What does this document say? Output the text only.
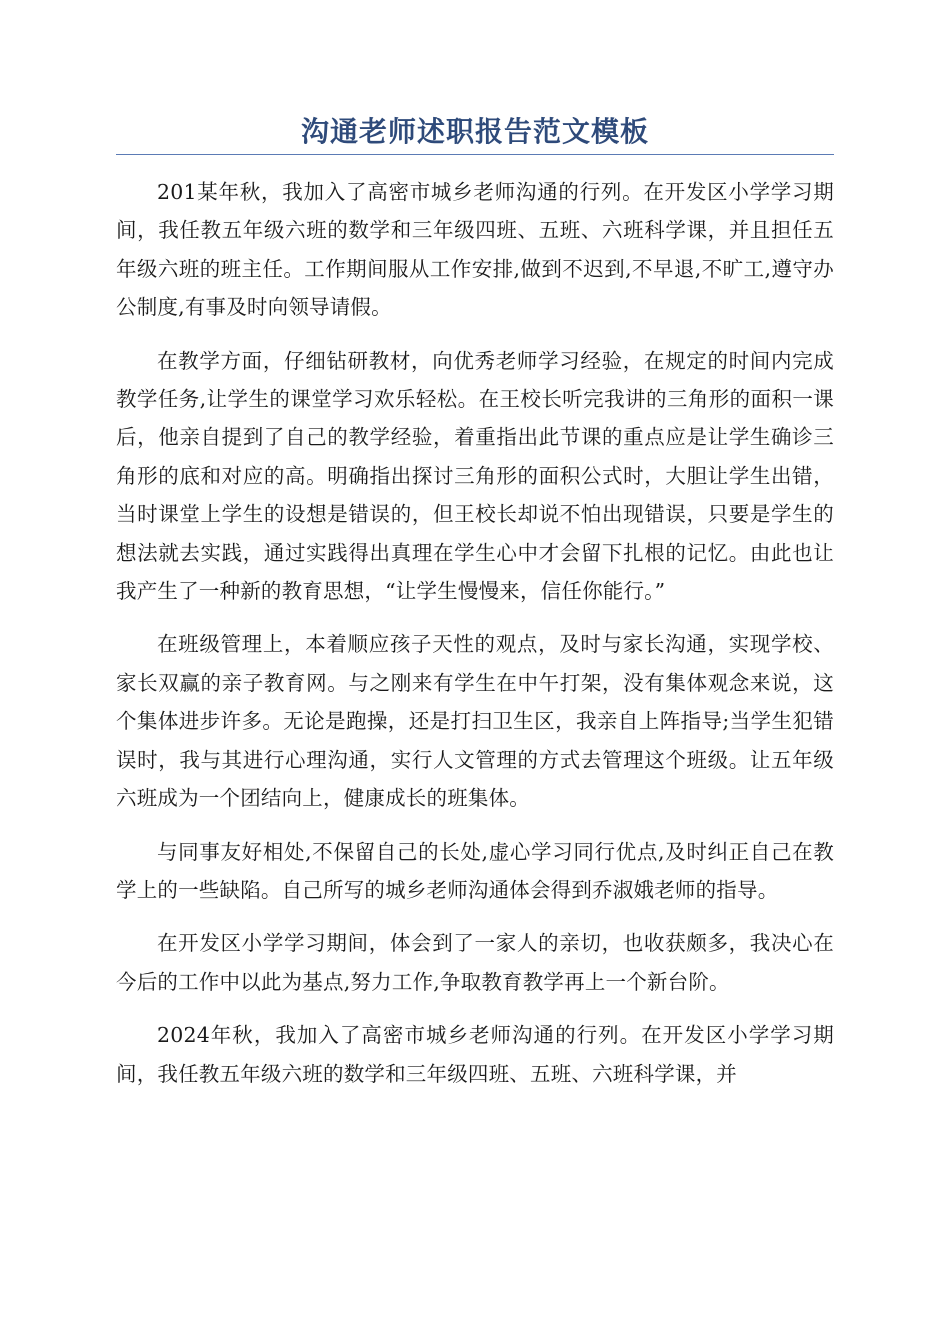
沟通老师述职报告范文模板

201某年秋，我加入了高密市城乡老师沟通的行列。在开发区小学学习期间，我任教五年级六班的数学和三年级四班、五班、六班科学课，并且担任五年级六班的班主任。工作期间服从工作安排,做到不迟到,不早退,不旷工,遵守办公制度,有事及时向领导请假。

在教学方面，仔细钻研教材，向优秀老师学习经验，在规定的时间内完成教学任务,让学生的课堂学习欢乐轻松。在王校长听完我讲的三角形的面积一课后，他亲自提到了自己的教学经验，着重指出此节课的重点应是让学生确诊三角形的底和对应的高。明确指出探讨三角形的面积公式时，大胆让学生出错，当时课堂上学生的设想是错误的，但王校长却说不怕出现错误，只要是学生的想法就去实践，通过实践得出真理在学生心中才会留下扎根的记忆。由此也让我产生了一种新的教育思想，“让学生慢慢来，信任你能行。”

在班级管理上，本着顺应孩子天性的观点，及时与家长沟通，实现学校、家长双赢的亲子教育网。与之刚来有学生在中午打架，没有集体观念来说，这个集体进步许多。无论是跑操，还是打扫卫生区，我亲自上阵指导;当学生犯错误时，我与其进行心理沟通，实行人文管理的方式去管理这个班级。让五年级六班成为一个团结向上，健康成长的班集体。

与同事友好相处,不保留自己的长处,虚心学习同行优点,及时纠正自己在教学上的一些缺陷。自己所写的城乡老师沟通体会得到乔淑娥老师的指导。

在开发区小学学习期间，体会到了一家人的亲切，也收获颇多，我决心在今后的工作中以此为基点,努力工作,争取教育教学再上一个新台阶。

2024年秋，我加入了高密市城乡老师沟通的行列。在开发区小学学习期间，我任教五年级六班的数学和三年级四班、五班、六班科学课，并
